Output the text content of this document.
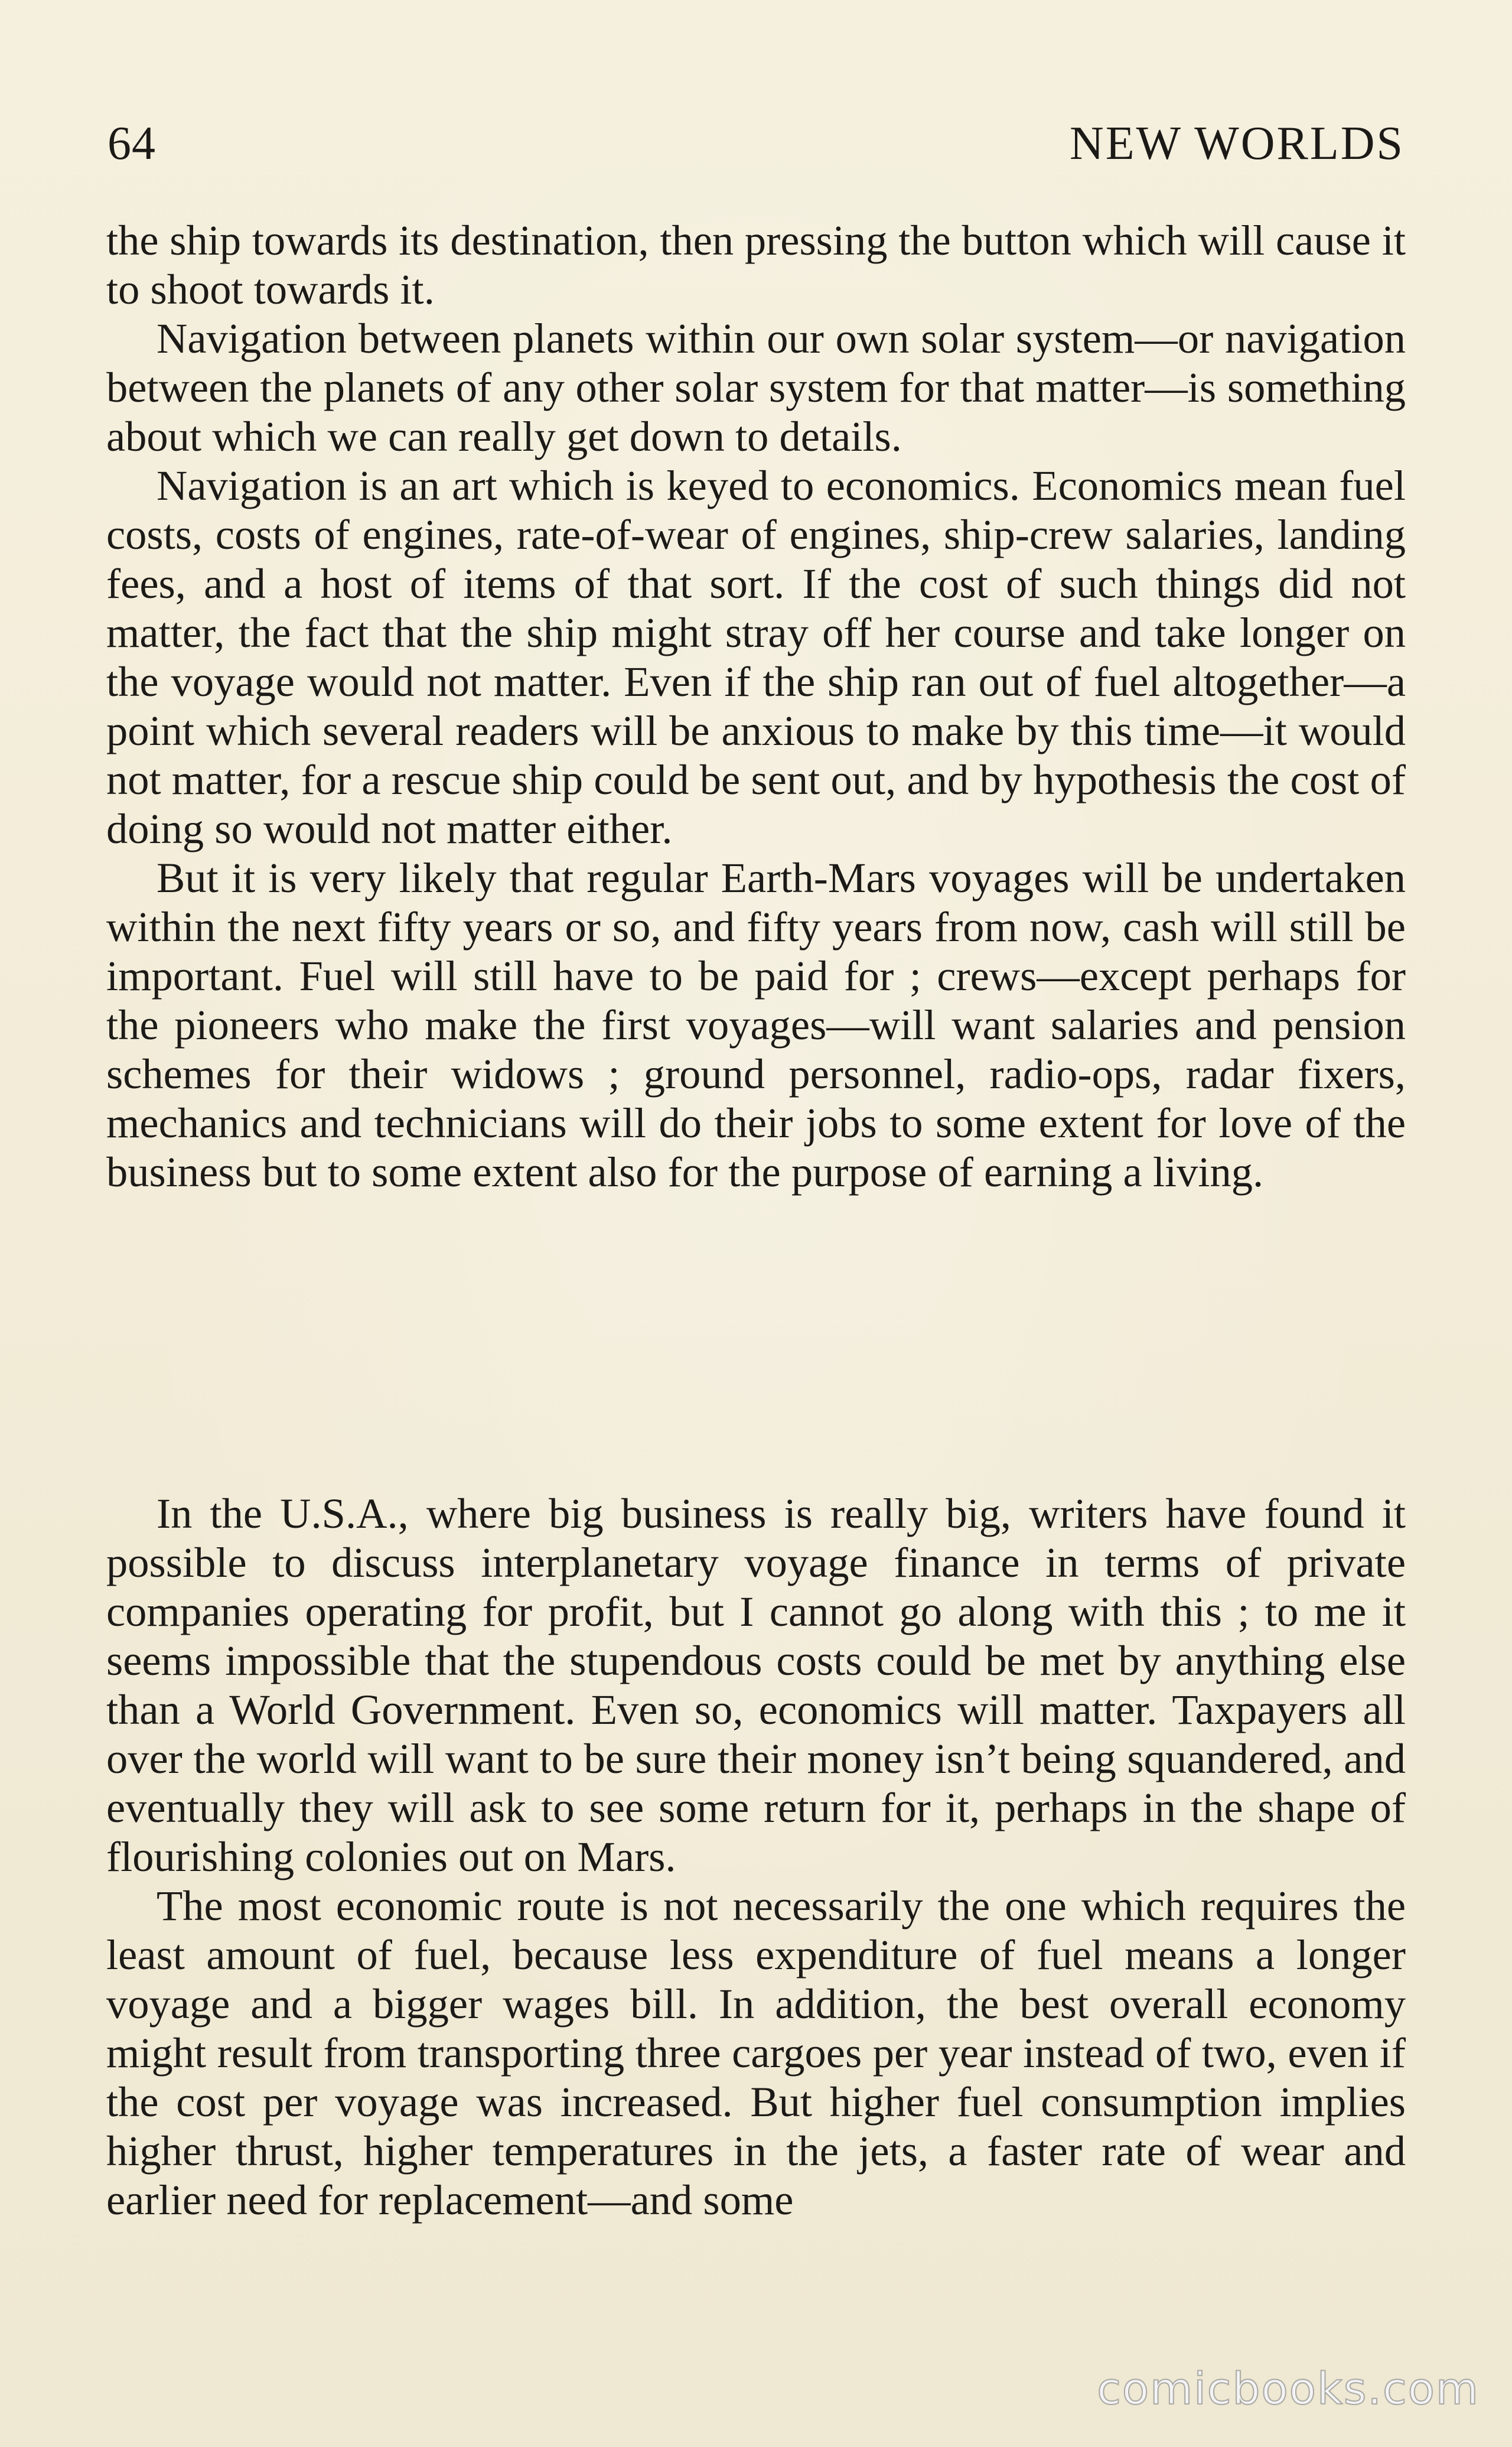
64	NEW WORLDS

the ship towards its destination, then pressing the button which will cause it to shoot towards it.

Navigation between planets within our own solar system—or navigation between the planets of any other solar system for that matter—is something about which we can really get down to details.

Navigation is an art which is keyed to economics. Economics mean fuel costs, costs of engines, rate-of-wear of engines, ship-crew salaries, landing fees, and a host of items of that sort. If the cost of such things did not matter, the fact that the ship might stray off her course and take longer on the voyage would not matter. Even if the ship ran out of fuel altogether—a point which several readers will be anxious to make by this time—it would not matter, for a rescue ship could be sent out, and by hypothesis the cost of doing so would not matter either.

But it is very likely that regular Earth-Mars voyages will be undertaken within the next fifty years or so, and fifty years from now, cash will still be important. Fuel will still have to be paid for ; crews—except perhaps for the pioneers who make the first voyages—will want salaries and pension schemes for their widows ; ground personnel, radio-ops, radar fixers, mechanics and technicians will do their jobs to some extent for love of the business but to some extent also for the purpose of earning a living.

In the U.S.A., where big business is really big, writers have found it possible to discuss interplanetary voyage finance in terms of private companies operating for profit, but I cannot go along with this ; to me it seems impossible that the stupendous costs could be met by anything else than a World Government. Even so, economics will matter. Taxpayers all over the world will want to be sure their money isn’t being squandered, and eventually they will ask to see some return for it, perhaps in the shape of flourishing colonies out on Mars.

The most economic route is not necessarily the one which requires the least amount of fuel, because less expenditure of fuel means a longer voyage and a bigger wages bill. In addition, the best overall economy might result from transporting three cargoes per year instead of two, even if the cost per voyage was increased. But higher fuel consumption implies higher thrust, higher temperatures in the jets, a faster rate of wear and earlier need for replacement—and some

comicbooks.com
